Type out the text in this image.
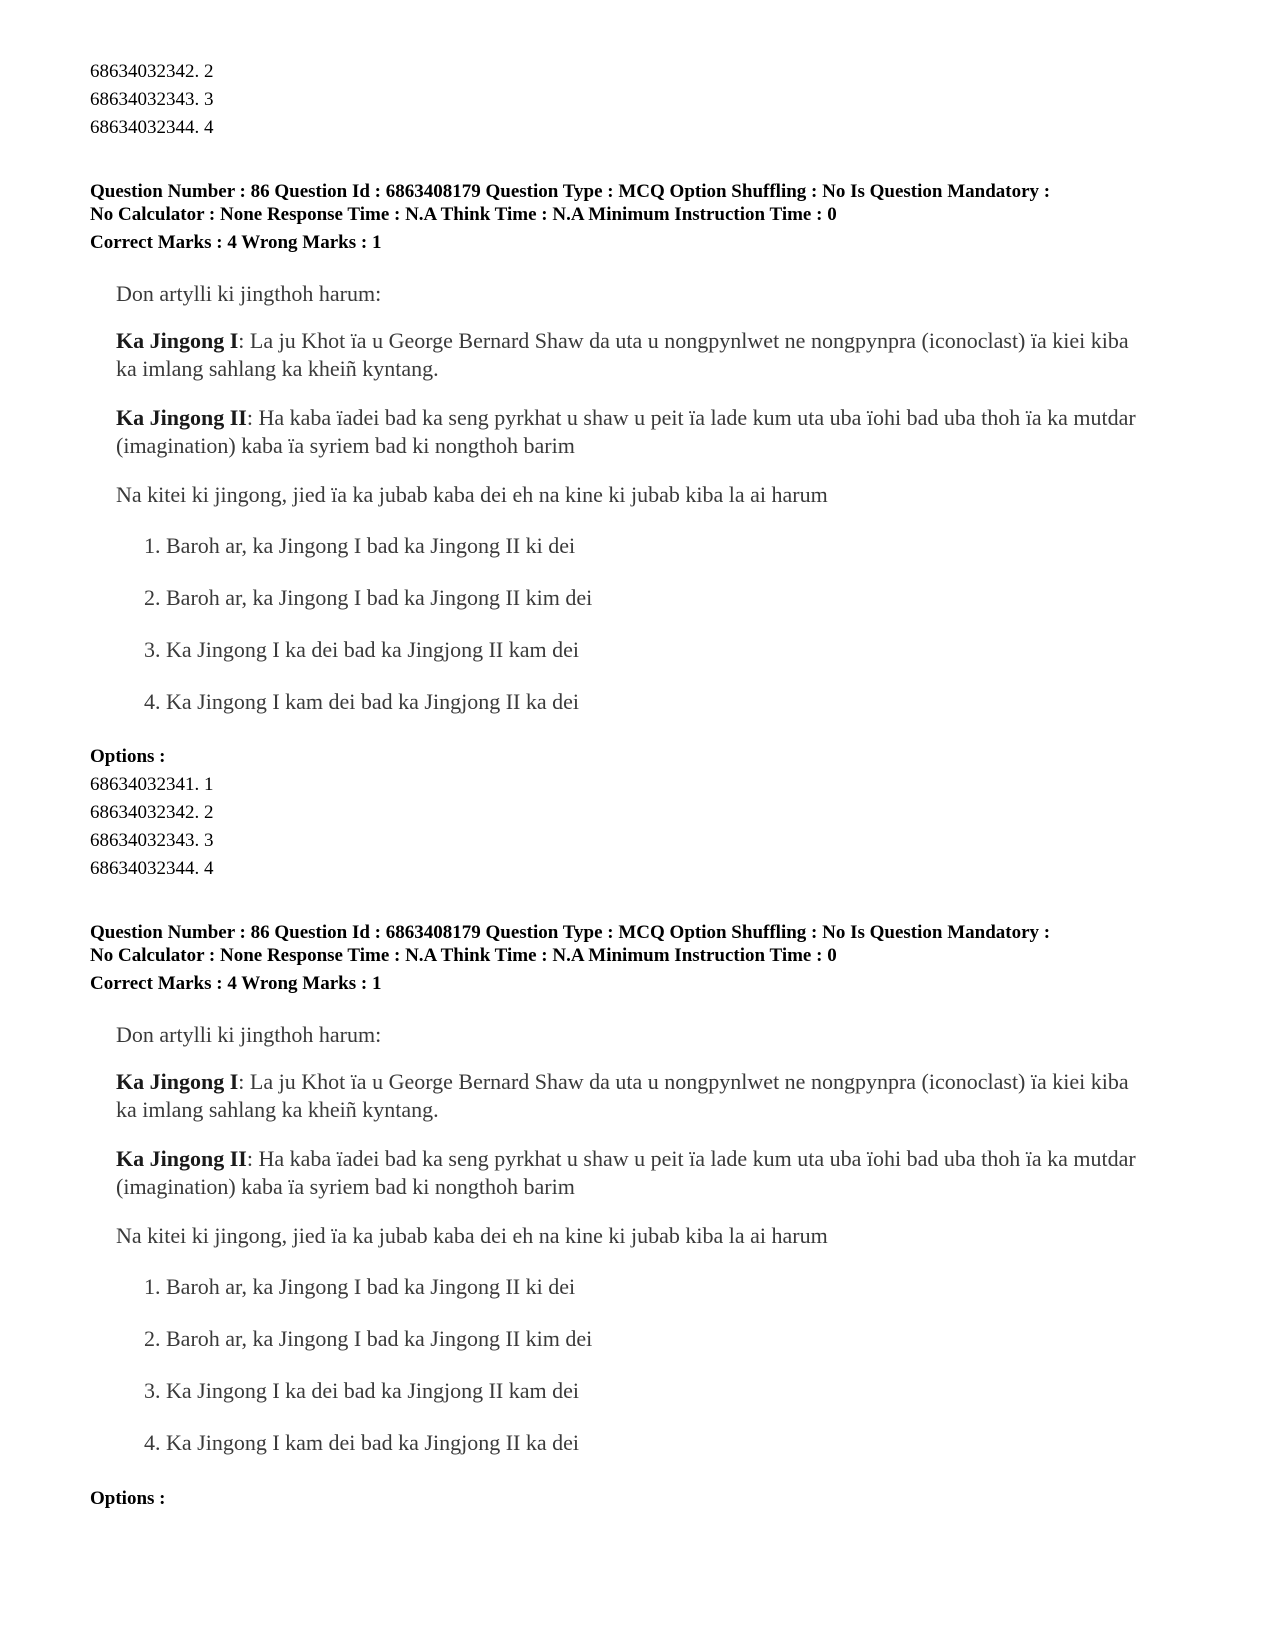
68634032342. 2
68634032343. 3
68634032344. 4
Question Number : 86 Question Id : 6863408179 Question Type : MCQ Option Shuffling : No Is Question Mandatory :
No Calculator : None Response Time : N.A Think Time : N.A Minimum Instruction Time : 0
Correct Marks : 4 Wrong Marks : 1
Don artylli ki jingthoh harum:
Ka Jingong I: La ju Khot ïa u George Bernard Shaw da uta u nongpynlwet ne nongpynpra (iconoclast) ïa kiei kiba ka imlang sahlang ka kheiñ kyntang.
Ka Jingong II: Ha kaba ïadei bad ka seng pyrkhat u shaw u peit ïa lade kum uta uba ïohi bad uba thoh ïa ka mutdar (imagination) kaba ïa syriem bad ki nongthoh barim
Na kitei ki jingong, jied ïa ka jubab kaba dei eh na kine ki jubab kiba la ai harum
1. Baroh ar, ka Jingong I bad ka Jingong II ki dei
2. Baroh ar, ka Jingong I bad ka Jingong II kim dei
3. Ka Jingong I ka dei bad ka Jingjong II kam dei
4. Ka Jingong I kam dei bad ka Jingjong II ka dei
Options :
68634032341. 1
68634032342. 2
68634032343. 3
68634032344. 4
Question Number : 86 Question Id : 6863408179 Question Type : MCQ Option Shuffling : No Is Question Mandatory :
No Calculator : None Response Time : N.A Think Time : N.A Minimum Instruction Time : 0
Correct Marks : 4 Wrong Marks : 1
Don artylli ki jingthoh harum:
Ka Jingong I: La ju Khot ïa u George Bernard Shaw da uta u nongpynlwet ne nongpynpra (iconoclast) ïa kiei kiba ka imlang sahlang ka kheiñ kyntang.
Ka Jingong II: Ha kaba ïadei bad ka seng pyrkhat u shaw u peit ïa lade kum uta uba ïohi bad uba thoh ïa ka mutdar (imagination) kaba ïa syriem bad ki nongthoh barim
Na kitei ki jingong, jied ïa ka jubab kaba dei eh na kine ki jubab kiba la ai harum
1. Baroh ar, ka Jingong I bad ka Jingong II ki dei
2. Baroh ar, ka Jingong I bad ka Jingong II kim dei
3. Ka Jingong I ka dei bad ka Jingjong II kam dei
4. Ka Jingong I kam dei bad ka Jingjong II ka dei
Options :
